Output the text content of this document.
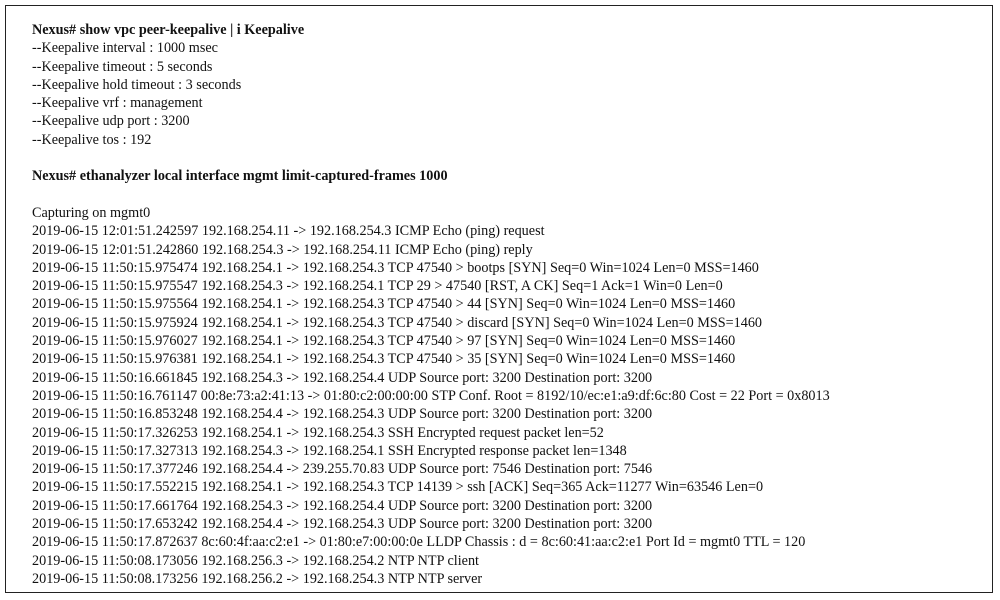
Nexus# show vpc peer-keepalive | i Keepalive
--Keepalive interval : 1000 msec
--Keepalive timeout : 5 seconds
--Keepalive hold timeout : 3 seconds
--Keepalive vrf : management
--Keepalive udp port : 3200
--Keepalive tos : 192
Nexus# ethanalyzer local interface mgmt limit-captured-frames 1000
Capturing on mgmt0
2019-06-15 12:01:51.242597 192.168.254.11 -> 192.168.254.3 ICMP Echo (ping) request
2019-06-15 12:01:51.242860 192.168.254.3 -> 192.168.254.11 ICMP Echo (ping) reply
2019-06-15 11:50:15.975474 192.168.254.1 -> 192.168.254.3 TCP 47540 > bootps [SYN] Seq=0 Win=1024 Len=0 MSS=1460
2019-06-15 11:50:15.975547 192.168.254.3 -> 192.168.254.1 TCP 29 > 47540 [RST, A CK] Seq=1 Ack=1 Win=0 Len=0
2019-06-15 11:50:15.975564 192.168.254.1 -> 192.168.254.3 TCP 47540 > 44 [SYN] Seq=0 Win=1024 Len=0 MSS=1460
2019-06-15 11:50:15.975924 192.168.254.1 -> 192.168.254.3 TCP 47540 > discard [SYN] Seq=0 Win=1024 Len=0 MSS=1460
2019-06-15 11:50:15.976027 192.168.254.1 -> 192.168.254.3 TCP 47540 > 97 [SYN] Seq=0 Win=1024 Len=0 MSS=1460
2019-06-15 11:50:15.976381 192.168.254.1 -> 192.168.254.3 TCP 47540 > 35 [SYN] Seq=0 Win=1024 Len=0 MSS=1460
2019-06-15 11:50:16.661845 192.168.254.3 -> 192.168.254.4 UDP Source port: 3200 Destination port: 3200
2019-06-15 11:50:16.761147 00:8e:73:a2:41:13 -> 01:80:c2:00:00:00 STP Conf. Root = 8192/10/ec:e1:a9:df:6c:80 Cost = 22 Port = 0x8013
2019-06-15 11:50:16.853248 192.168.254.4 -> 192.168.254.3 UDP Source port: 3200 Destination port: 3200
2019-06-15 11:50:17.326253 192.168.254.1 -> 192.168.254.3 SSH Encrypted request packet len=52
2019-06-15 11:50:17.327313 192.168.254.3 -> 192.168.254.1 SSH Encrypted response packet len=1348
2019-06-15 11:50:17.377246 192.168.254.4 -> 239.255.70.83 UDP Source port: 7546 Destination port: 7546
2019-06-15 11:50:17.552215 192.168.254.1 -> 192.168.254.3 TCP 14139 > ssh [ACK] Seq=365 Ack=11277 Win=63546 Len=0
2019-06-15 11:50:17.661764 192.168.254.3 -> 192.168.254.4 UDP Source port: 3200 Destination port: 3200
2019-06-15 11:50:17.653242 192.168.254.4 -> 192.168.254.3 UDP Source port: 3200 Destination port: 3200
2019-06-15 11:50:17.872637 8c:60:4f:aa:c2:e1 -> 01:80:e7:00:00:0e LLDP Chassis : d = 8c:60:41:aa:c2:e1 Port Id = mgmt0 TTL = 120
2019-06-15 11:50:08.173056 192.168.256.3 -> 192.168.254.2 NTP NTP client
2019-06-15 11:50:08.173256 192.168.256.2 -> 192.168.254.3 NTP NTP server
